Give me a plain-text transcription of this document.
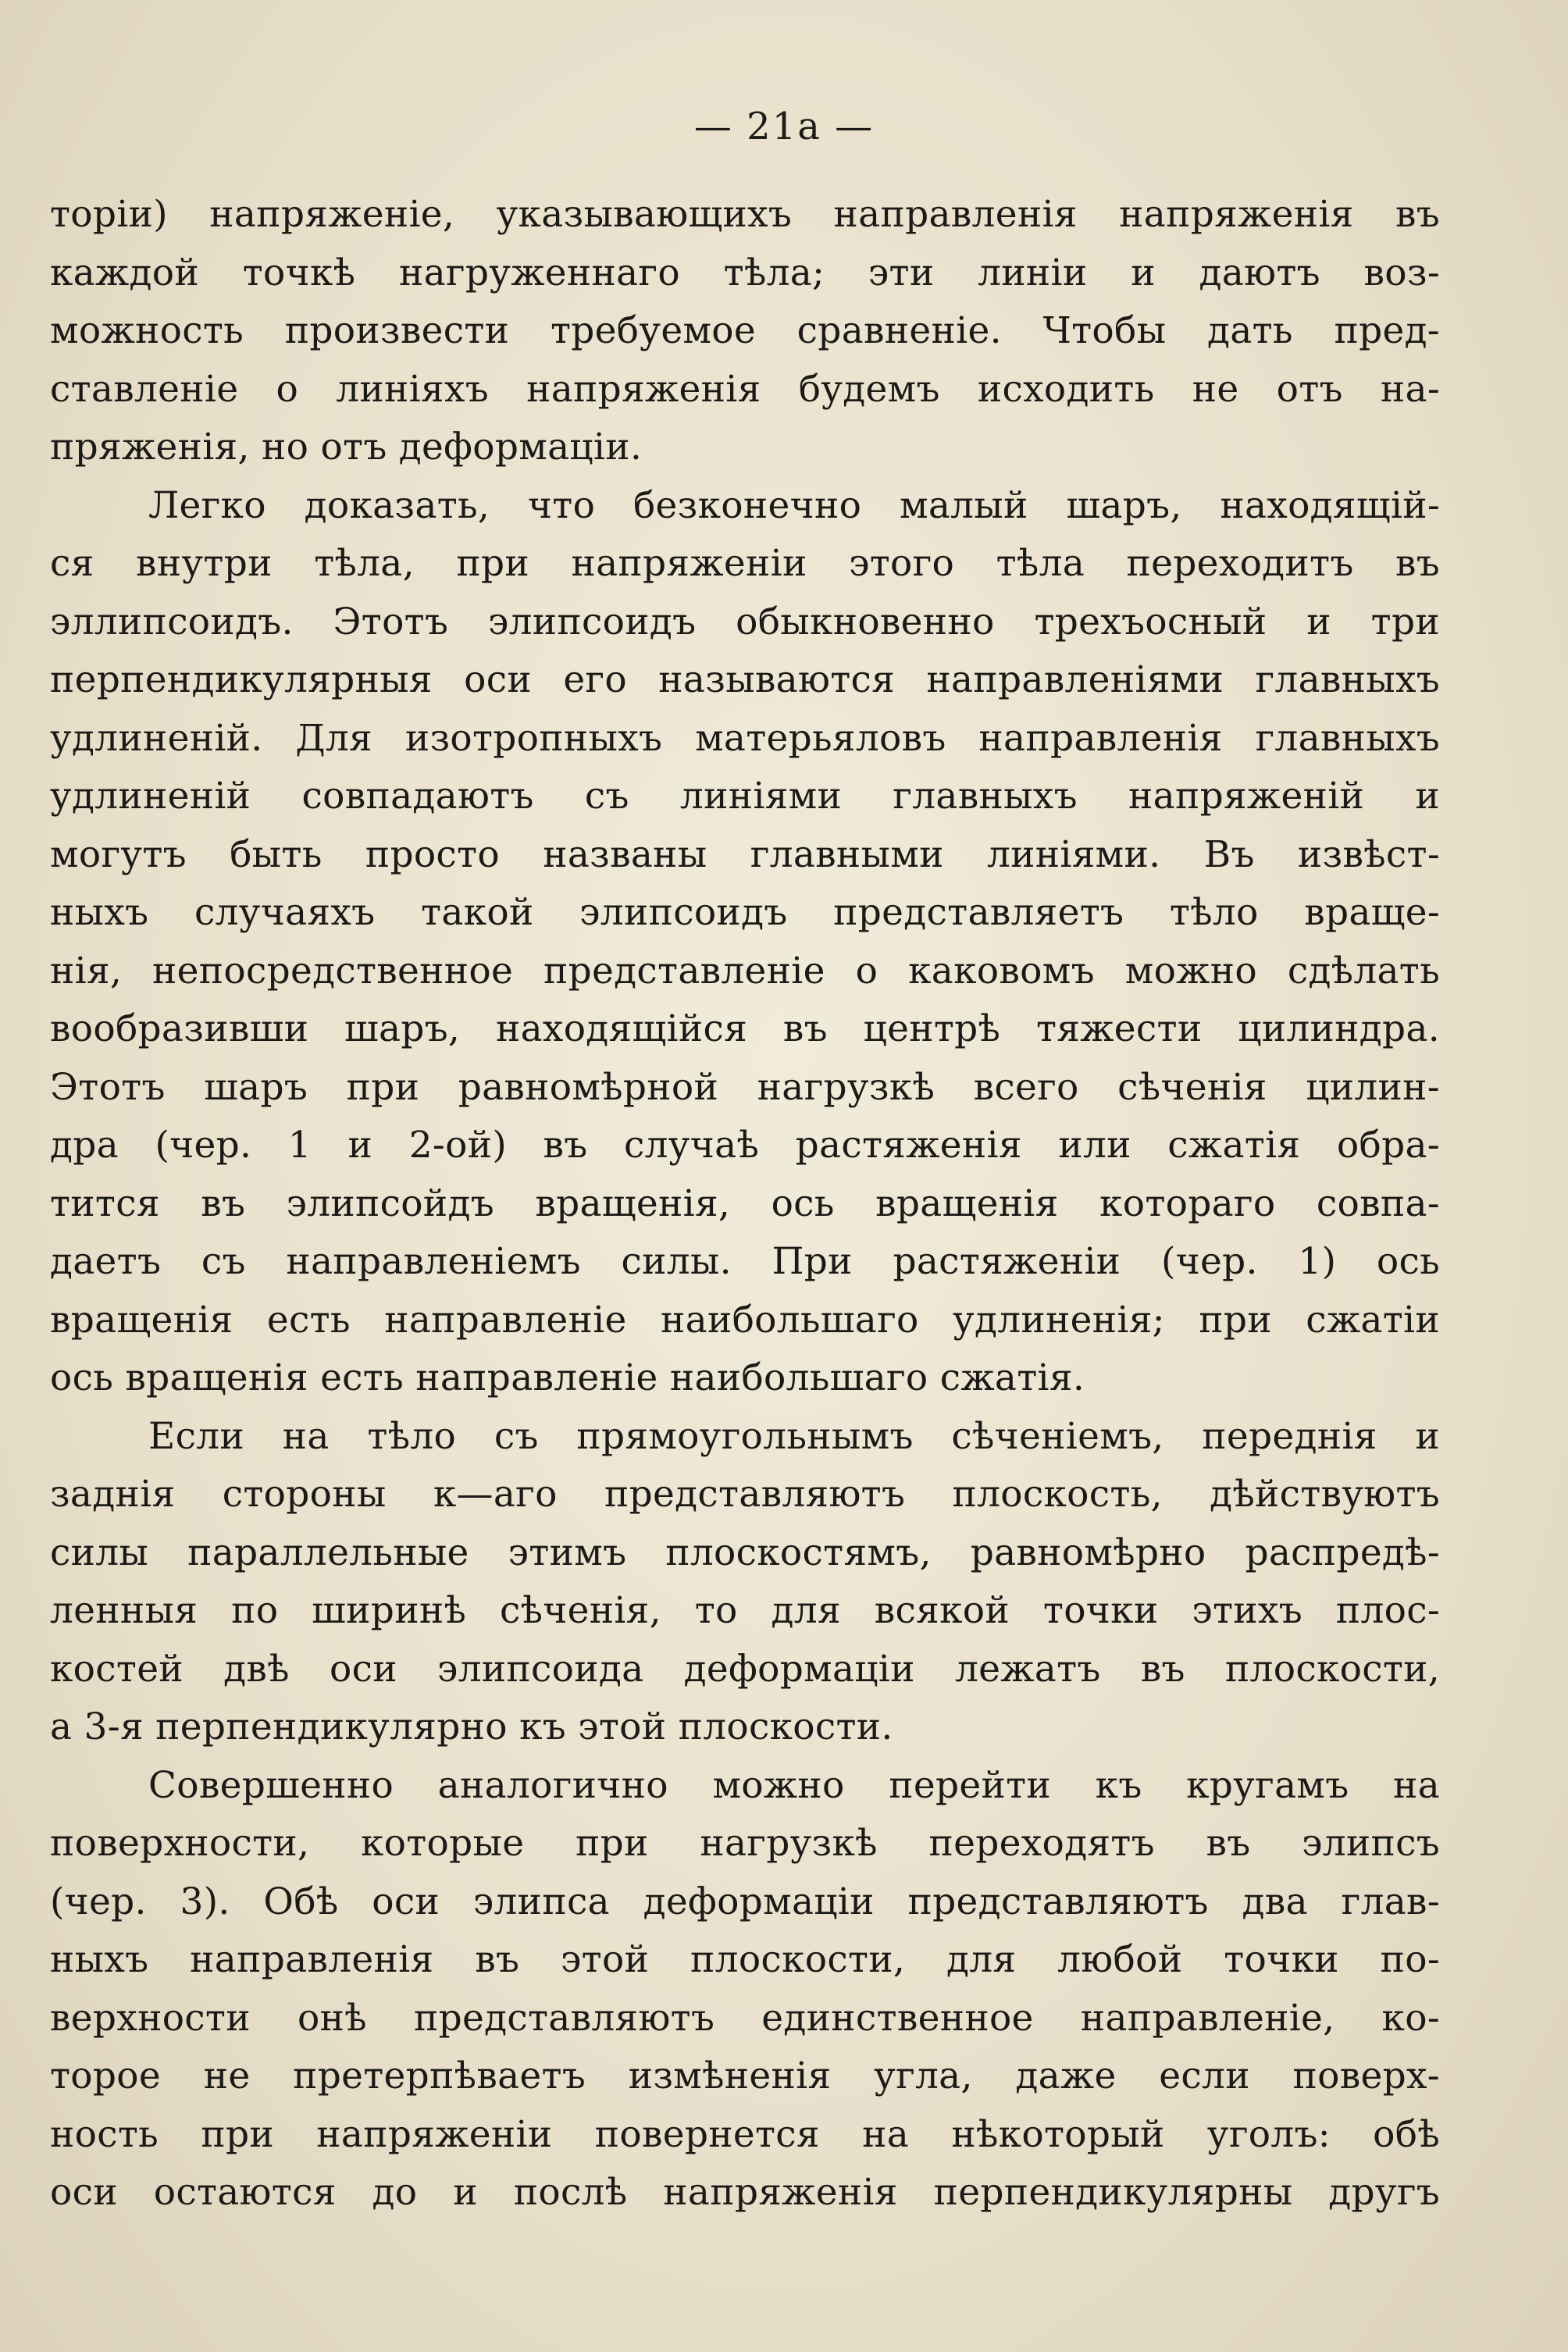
— 21а —

торіи) напряженіе, указывающихъ направленія напряженія въ
каждой точкѣ нагруженнаго тѣла; эти линіи и даютъ воз-
можность произвести требуемое сравненіе. Чтобы дать пред-
ставленіе о линіяхъ напряженія будемъ исходить не отъ на-
пряженія, но отъ деформаціи.

Легко доказать, что безконечно малый шаръ, находящій-
ся внутри тѣла, при напряженіи этого тѣла переходитъ въ
эллипсоидъ. Этотъ элипсоидъ обыкновенно трехъосный и три
перпендикулярныя оси его называются направленіями главныхъ
удлиненій. Для изотропныхъ матерьяловъ направленія главныхъ
удлиненій совпадаютъ съ линіями главныхъ напряженій и
могутъ быть просто названы главными линіями. Въ извѣст-
ныхъ случаяхъ такой элипсоидъ представляетъ тѣло враще-
нія, непосредственное представленіе о каковомъ можно сдѣлать
вообразивши шаръ, находящійся въ центрѣ тяжести цилиндра.
Этотъ шаръ при равномѣрной нагрузкѣ всего сѣченія цилин-
дра (чер. 1 и 2-ой) въ случаѣ растяженія или сжатія обра-
тится въ элипсойдъ вращенія, ось вращенія котораго совпа-
даетъ съ направленіемъ силы. При растяженіи (чер. 1) ось
вращенія есть направленіе наибольшаго удлиненія; при сжатіи
ось вращенія есть направленіе наибольшаго сжатія.

Если на тѣло съ прямоугольнымъ сѣченіемъ, переднія и
заднія стороны к—аго представляютъ плоскость, дѣйствуютъ
силы параллельные этимъ плоскостямъ, равномѣрно распредѣ-
ленныя по ширинѣ сѣченія, то для всякой точки этихъ плос-
костей двѣ оси элипсоида деформаціи лежатъ въ плоскости,
а 3-я перпендикулярно къ этой плоскости.

Совершенно аналогично можно перейти къ кругамъ на
поверхности, которые при нагрузкѣ переходятъ въ элипсъ
(чер. 3). Обѣ оси элипса деформаціи представляютъ два глав-
ныхъ направленія въ этой плоскости, для любой точки по-
верхности онѣ представляютъ единственное направленіе, ко-
торое не претерпѣваетъ измѣненія угла, даже если поверх-
ность при напряженіи повернется на нѣкоторый уголъ: обѣ
оси остаются до и послѣ напряженія перпендикулярны другъ
